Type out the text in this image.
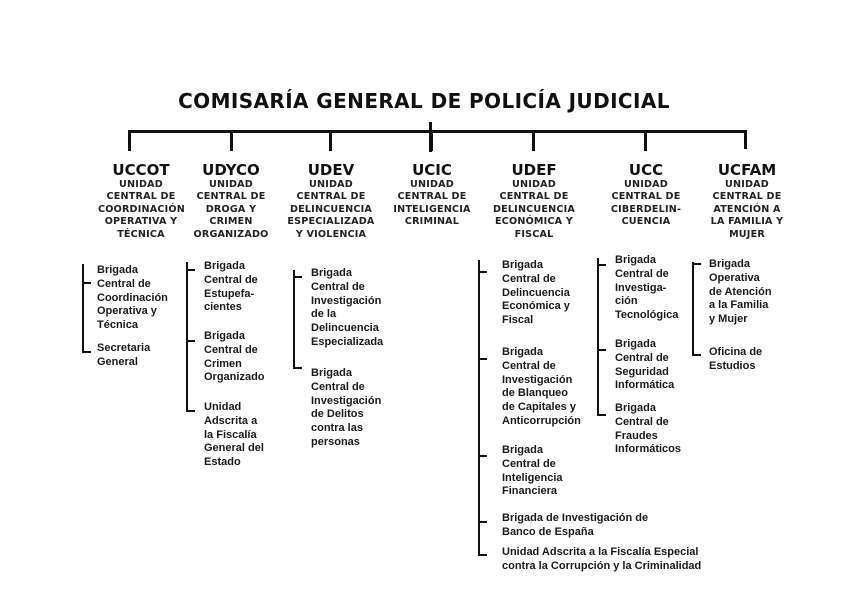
COMISARÍA GENERAL DE POLICÍA JUDICIAL
UCCOT
UNIDAD
CENTRAL DE
COORDINACIÓN
OPERATIVA Y
TÉCNICA
UDYCO
UNIDAD
CENTRAL DE
DROGA Y
CRIMEN
ORGANIZADO
UDEV
UNIDAD
CENTRAL DE
DELINCUENCIA
ESPECIALIZADA
Y VIOLENCIA
UCIC
UNIDAD
CENTRAL DE
INTELIGENCIA
CRIMINAL
UDEF
UNIDAD
CENTRAL DE
DELINCUENCIA
ECONÓMICA Y
FISCAL
UCC
UNIDAD
CENTRAL DE
CIBERDELIN-
CUENCIA
UCFAM
UNIDAD
CENTRAL DE
ATENCIÓN A
LA FAMILIA Y
MUJER
Brigada
Central de
Coordinación
Operativa y
Técnica
Secretaria
General
Brigada
Central de
Estupefa-
cientes
Brigada
Central de
Crimen
Organizado
Unidad
Adscrita a
la Fiscalía
General del
Estado
Brigada
Central de
Investigación
de la
Delincuencia
Especializada
Brigada
Central de
Investigación
de Delitos
contra las
personas
Brigada
Central de
Delincuencia
Económica y
Fiscal
Brigada
Central de
Investigación
de Blanqueo
de Capitales y
Anticorrupción
Brigada
Central de
Inteligencia
Financiera
Brigada de Investigación de
Banco de España
Unidad Adscrita a la Fiscalía Especial
contra la Corrupción y la Criminalidad
Brigada
Central de
Investiga-
ción
Tecnológica
Brigada
Central de
Seguridad
Informática
Brigada
Central de
Fraudes
Informáticos
Brigada
Operativa
de Atención
a la Familia
y Mujer
Oficina de
Estudios
